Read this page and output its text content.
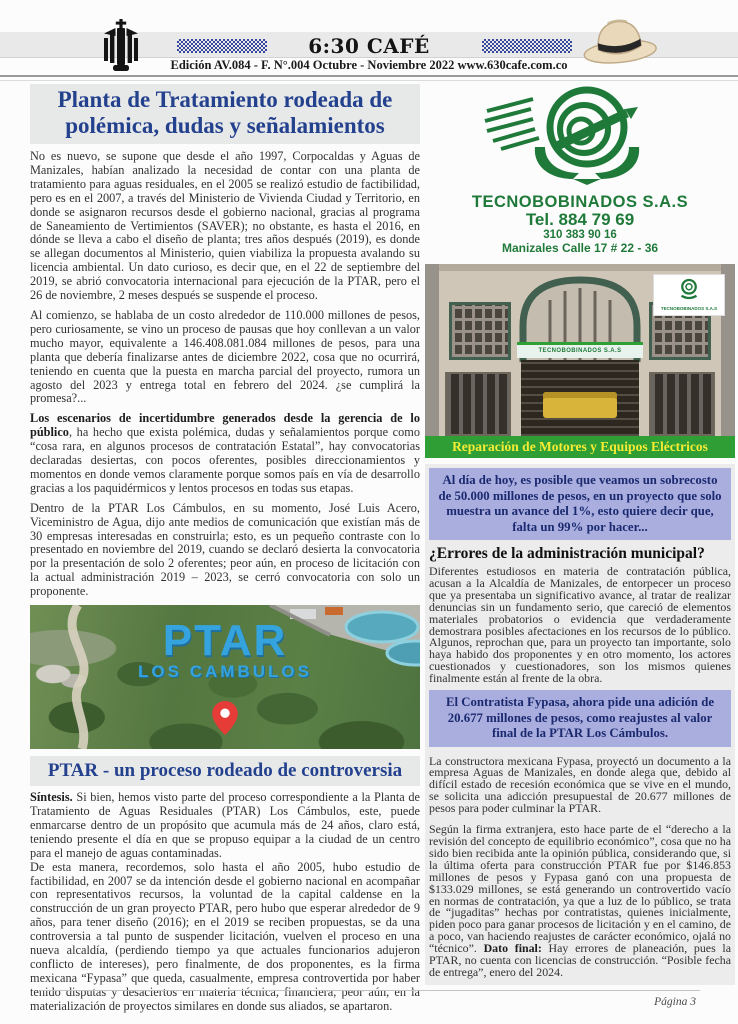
6:30 CAFÉ
Edición AV.084 - F. N°.004 Octubre - Noviembre 2022 www.630cafe.com.co
Planta de Tratamiento rodeada de polémica, dudas y señalamientos

No es nuevo, se supone que desde el año 1997, Corpocaldas y Aguas de Manizales, habían analizado la necesidad de contar con una planta de tratamiento para aguas residuales, en el 2005 se realizó estudio de factibilidad, pero es en el 2007, a través del Ministerio de Vivienda Ciudad y Territorio, en donde se asignaron recursos desde el gobierno nacional, gracias al programa de Saneamiento de Vertimientos (SAVER); no obstante, es hasta el 2016, en dónde se lleva a cabo el diseño de planta; tres años después (2019), es donde se allegan documentos al Ministerio, quien viabiliza la propuesta avalando su licencia ambiental. Un dato curioso, es decir que, en el 22 de septiembre del 2019, se abrió convocatoria internacional para ejecución de la PTAR, pero el 26 de noviembre, 2 meses después se suspende el proceso.

Al comienzo, se hablaba de un costo alrededor de 110.000 millones de pesos, pero curiosamente, se vino un proceso de pausas que hoy conllevan a un valor mucho mayor, equivalente a 146.408.081.084 millones de pesos, para una planta que debería finalizarse antes de diciembre 2022, cosa que no ocurrirá, teniendo en cuenta que la puesta en marcha parcial del proyecto, rumora un agosto del 2023 y entrega total en febrero del 2024. ¿se cumplirá la promesa?...

Los escenarios de incertidumbre generados desde la gerencia de lo público, ha hecho que exista polémica, dudas y señalamientos porque como “cosa rara, en algunos procesos de contratación Estatal”, hay convocatorias declaradas desiertas, con pocos oferentes, posibles direccionamientos y momentos en donde vemos claramente porque somos país en vía de desarrollo gracias a los paquidérmicos y lentos procesos en todas sus etapas.

Dentro de la PTAR Los Cámbulos, en su momento, José Luis Acero, Viceministro de Agua, dijo ante medios de comunicación que existían más de 30 empresas interesadas en construirla; esto, es un pequeño contraste con lo presentado en noviembre del 2019, cuando se declaró desierta la convocatoria por la presentación de solo 2 oferentes; peor aún, en proceso de licitación con la actual administración 2019 – 2023, se cerró convocatoria con solo un proponente.

PTAR
LOS CAMBULOS
PTAR - un proceso rodeado de controversia

Síntesis. Si bien, hemos visto parte del proceso correspondiente a la Planta de Tratamiento de Aguas Residuales (PTAR) Los Cámbulos, este, puede enmarcarse dentro de un propósito que acumula más de 24 años, claro está, teniendo presente el día en que se propuso equipar a la ciudad de un centro para el manejo de aguas contaminadas.

De esta manera, recordemos, solo hasta el año 2005, hubo estudio de factibilidad, en 2007 se da intención desde el gobierno nacional en acompañar con representativos recursos, la voluntad de la capital caldense en la construcción de un gran proyecto PTAR, pero hubo que esperar alrededor de 9 años, para tener diseño (2016); en el 2019 se reciben propuestas, se da una controversia a tal punto de suspender licitación, vuelven el proceso en una nueva alcaldía, (perdiendo tiempo ya que actuales funcionarios adujeron conflicto de intereses), pero finalmente, de dos proponentes, es la firma mexicana “Fypasa” que queda, casualmente, empresa controvertida por haber tenido disputas y desaciertos en materia técnica, financiera, peor aún, en la materialización de proyectos similares en donde sus aliados, se apartaron.

TECNOBOBINADOS S.A.S
Tel. 884 79 69
310 383 90 16
Manizales Calle 17 # 22 - 36
TECNOBOBINADOS S.A.S
TECNOBOBINADOS S.A.S
Reparación de Motores y Equipos Eléctricos
Al día de hoy, es posible que veamos un sobrecosto de 50.000 millones de pesos, en un proyecto que solo muestra un avance del 1%, esto quiere decir que, falta un 99% por hacer...
¿Errores de la administración municipal?

Diferentes estudiosos en materia de contratación pública, acusan a la Alcaldía de Manizales, de entorpecer un proceso que ya presentaba un significativo avance, al tratar de realizar denuncias sin un fundamento serio, que careció de elementos materiales probatorios o evidencia que verdaderamente demostrara posibles afectaciones en los recursos de lo público. Algunos, reprochan que, para un proyecto tan importante, solo haya habido dos proponentes y en otro momento, los actores cuestionados y cuestionadores, son los mismos quienes finalmente están al frente de la obra.

El Contratista Fypasa, ahora pide una adición de 20.677 millones de pesos, como reajustes al valor final de la PTAR Los Cámbulos.

La constructora mexicana Fypasa, proyectó un documento a la empresa Aguas de Manizales, en donde alega que, debido al difícil estado de recesión económica que se vive en el mundo, se solicita una adicción presupuestal de 20.677 millones de pesos para poder culminar la PTAR.

Según la firma extranjera, esto hace parte de el “derecho a la revisión del concepto de equilibrio económico”, cosa que no ha sido bien recibida ante la opinión pública, considerando que, si la última oferta para construcción PTAR fue por $146.853 millones de pesos y Fypasa ganó con una propuesta de $133.029 millones, se está generando un controvertido vacío en normas de contratación, ya que a luz de lo público, se trata de “jugaditas” hechas por contratistas, quienes inicialmente, piden poco para ganar procesos de licitación y en el camino, de a poco, van haciendo reajustes de carácter económico, ojalá no “técnico”. Dato final: Hay errores de planeación, pues la PTAR, no cuenta con licencias de construcción. “Posible fecha de entrega”, enero del 2024.

Página 3
